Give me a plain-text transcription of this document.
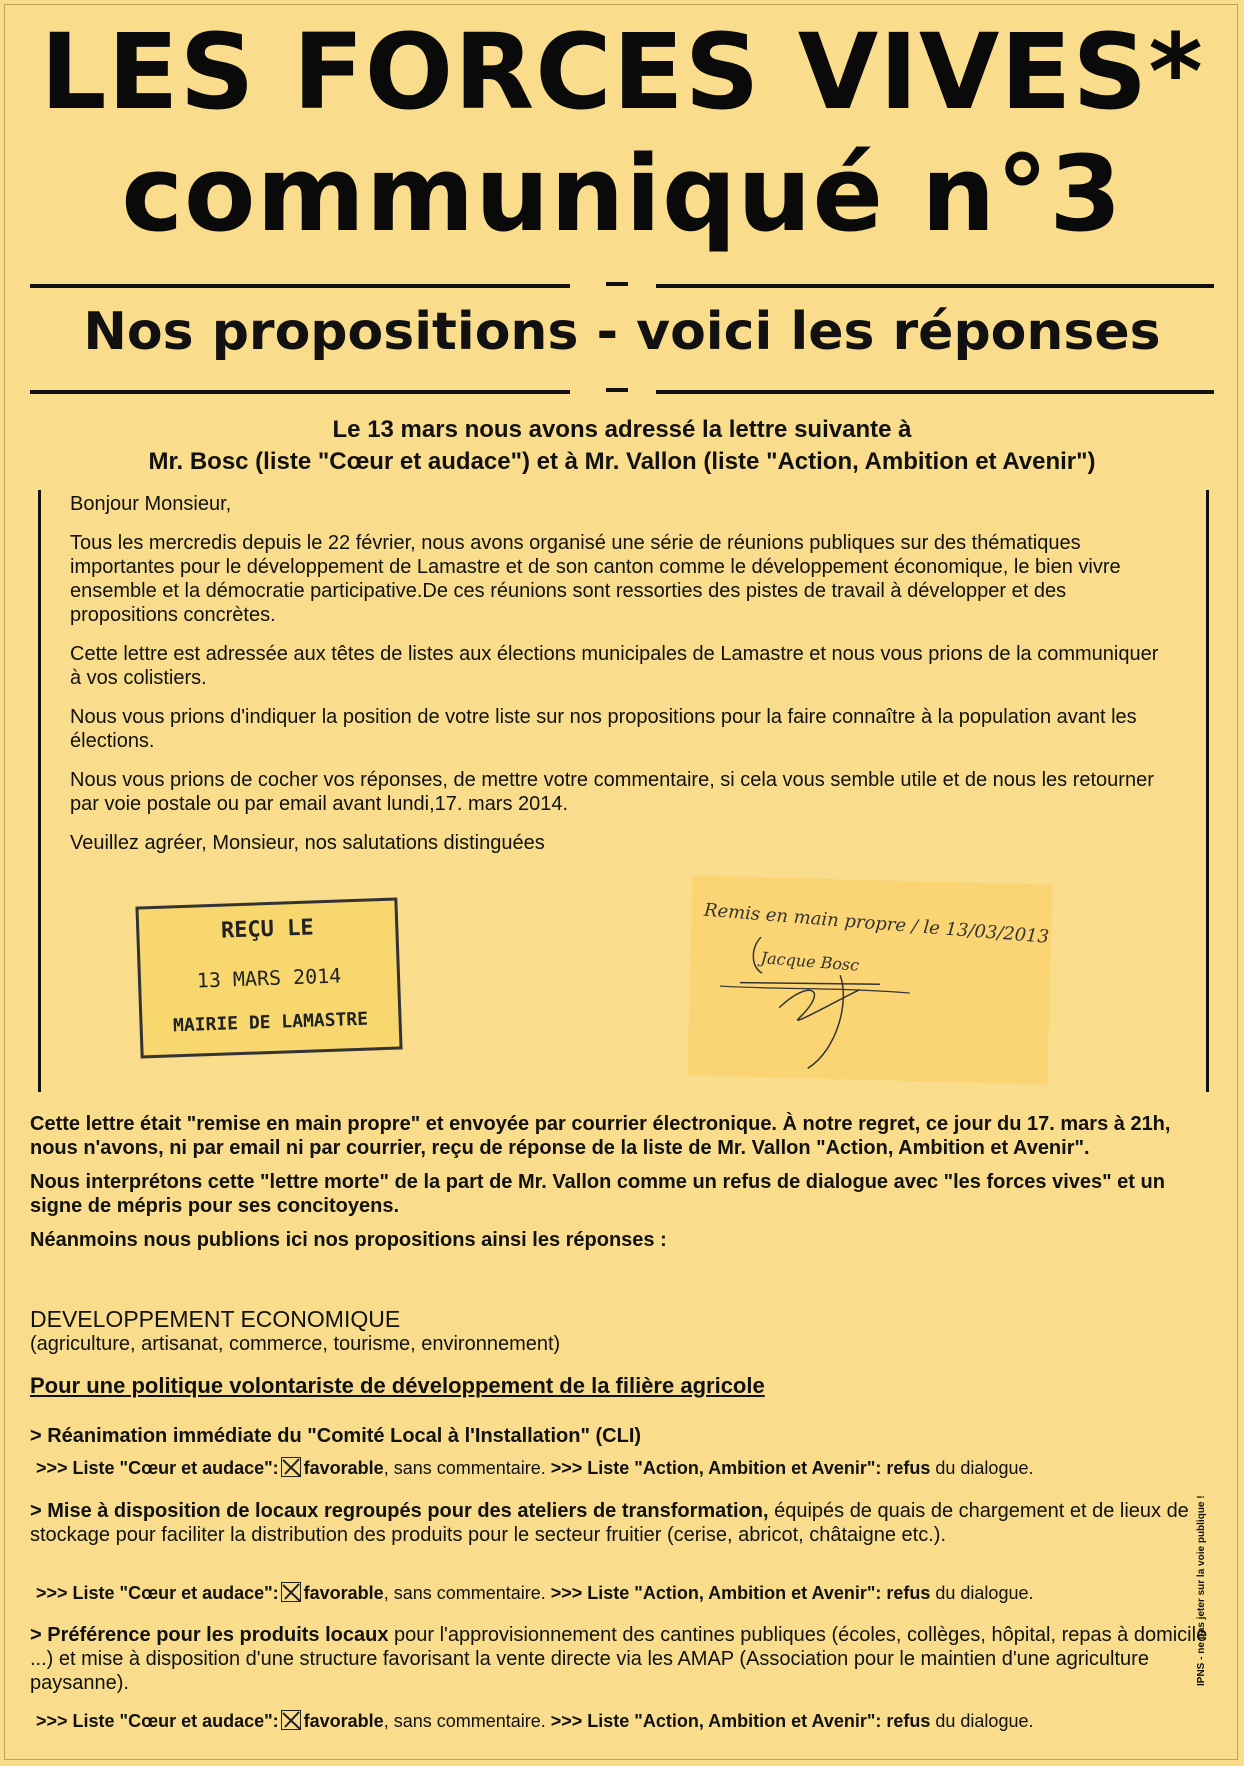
LES FORCES VIVES*
communiqué n°3
Nos propositions - voici les réponses
Le 13 mars nous avons adressé la lettre suivante à
Mr. Bosc (liste "Cœur et audace") et à Mr. Vallon (liste "Action, Ambition et Avenir")

Bonjour Monsieur,

Tous les mercredis depuis le 22 février, nous avons organisé une série de réunions publiques sur des thématiques importantes pour le développement de Lamastre et de son canton comme le développement économique, le bien vivre ensemble et la démocratie participative.De ces réunions sont ressorties des pistes de travail à développer et des propositions concrètes.

Cette lettre est adressée aux têtes de listes aux élections municipales de Lamastre et nous vous prions de la communiquer à vos colistiers.

Nous vous prions d'indiquer la position de votre liste sur nos propositions pour la faire connaître à la population avant les élections.

Nous vous prions de cocher vos réponses, de mettre votre commentaire, si cela vous semble utile et de nous les retourner par voie postale ou par email avant lundi,17. mars 2014.

Veuillez agréer, Monsieur, nos salutations distinguées

REÇU LE
13 MARS 2014
MAIRIE DE LAMASTRE
Remis en main propre / le 13/03/2013
Jacque Bosc

Cette lettre était "remise en main propre" et envoyée par courrier électronique. À notre regret, ce jour du 17. mars à 21h, nous n'avons, ni par email ni par courrier, reçu de réponse de la liste de Mr. Vallon "Action, Ambition et Avenir".

Nous interprétons cette "lettre morte" de la part de Mr. Vallon comme un refus de dialogue avec "les forces vives" et un signe de mépris pour ses concitoyens.

Néanmoins nous publions ici nos propositions ainsi les réponses :

DEVELOPPEMENT ECONOMIQUE
(agriculture, artisanat, commerce, tourisme, environnement)
Pour une politique volontariste de développement de la filière agricole
> Réanimation immédiate du "Comité Local à l'Installation" (CLI)
>>> Liste "Cœur et audace": favorable, sans commentaire. >>> Liste "Action, Ambition et Avenir": refus du dialogue.
> Mise à disposition de locaux regroupés pour des ateliers de transformation, équipés de quais de chargement et de lieux de stockage pour faciliter la distribution des produits pour le secteur fruitier (cerise, abricot, châtaigne etc.).
>>> Liste "Cœur et audace": favorable, sans commentaire. >>> Liste "Action, Ambition et Avenir": refus du dialogue.
> Préférence pour les produits locaux pour l'approvisionnement des cantines publiques (écoles, collèges, hôpital, repas à domicile ...) et mise à disposition d'une structure favorisant la vente directe via les AMAP (Association pour le maintien d'une agriculture paysanne).
>>> Liste "Cœur et audace": favorable, sans commentaire. >>> Liste "Action, Ambition et Avenir": refus du dialogue.
IPNS - ne pas jeter sur la voie publique !
